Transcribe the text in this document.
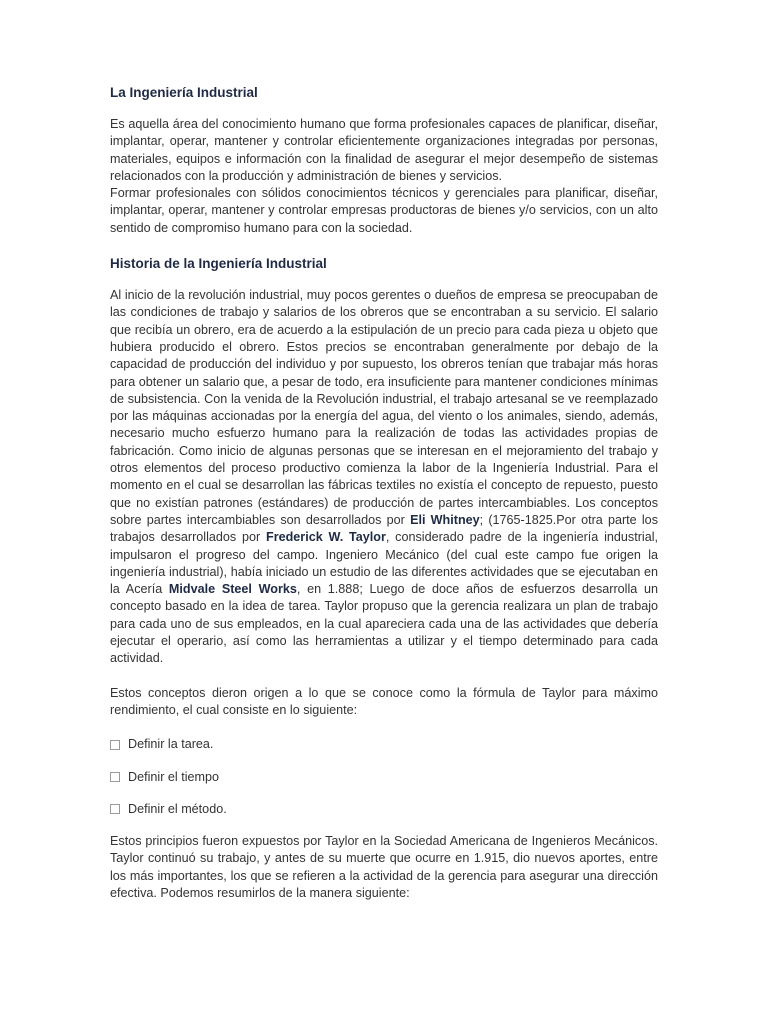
La Ingeniería Industrial

Es aquella área del conocimiento humano que forma profesionales capaces de planificar, diseñar, implantar, operar, mantener y controlar eficientemente organizaciones integradas por personas, materiales, equipos e información con la finalidad de asegurar el mejor desempeño de sistemas relacionados con la producción y administración de bienes y servicios.

Formar profesionales con sólidos conocimientos técnicos y gerenciales para planificar, diseñar, implantar, operar, mantener y controlar empresas productoras de bienes y/o servicios, con un alto sentido de compromiso humano para con la sociedad.

Historia de la Ingeniería Industrial

Al inicio de la revolución industrial, muy pocos gerentes o dueños de empresa se preocupaban de las condiciones de trabajo y salarios de los obreros que se encontraban a su servicio. El salario que recibía un obrero, era de acuerdo a la estipulación de un precio para cada pieza u objeto que hubiera producido el obrero. Estos precios se encontraban generalmente por debajo de la capacidad de producción del individuo y por supuesto, los obreros tenían que trabajar más horas para obtener un salario que, a pesar de todo, era insuficiente para mantener condiciones mínimas de subsistencia. Con la venida de la Revolución industrial, el trabajo artesanal se ve reemplazado por las máquinas accionadas por la energía del agua, del viento o los animales, siendo, además, necesario mucho esfuerzo humano para la realización de todas las actividades propias de fabricación. Como inicio de algunas personas que se interesan en el mejoramiento del trabajo y otros elementos del proceso productivo comienza la labor de la Ingeniería Industrial. Para el momento en el cual se desarrollan las fábricas textiles no existía el concepto de repuesto, puesto que no existían patrones (estándares) de producción de partes intercambiables. Los conceptos sobre partes intercambiables son desarrollados por Eli Whitney; (1765-1825.Por otra parte los trabajos desarrollados por Frederick W. Taylor, considerado padre de la ingeniería industrial, impulsaron el progreso del campo. Ingeniero Mecánico (del cual este campo fue origen la ingeniería industrial), había iniciado un estudio de las diferentes actividades que se ejecutaban en la Acería Midvale Steel Works, en 1.888; Luego de doce años de esfuerzos desarrolla un concepto basado en la idea de tarea. Taylor propuso que la gerencia realizara un plan de trabajo para cada uno de sus empleados, en la cual apareciera cada una de las actividades que debería ejecutar el operario, así como las herramientas a utilizar y el tiempo determinado para cada actividad.

Estos conceptos dieron origen a lo que se conoce como la fórmula de Taylor para máximo rendimiento, el cual consiste en lo siguiente:

Definir la tarea.

Definir el tiempo

Definir el método.

Estos principios fueron expuestos por Taylor en la Sociedad Americana de Ingenieros Mecánicos. Taylor continuó su trabajo, y antes de su muerte que ocurre en 1.915, dio nuevos aportes, entre los más importantes, los que se refieren a la actividad de la gerencia para asegurar una dirección efectiva. Podemos resumirlos de la manera siguiente:
